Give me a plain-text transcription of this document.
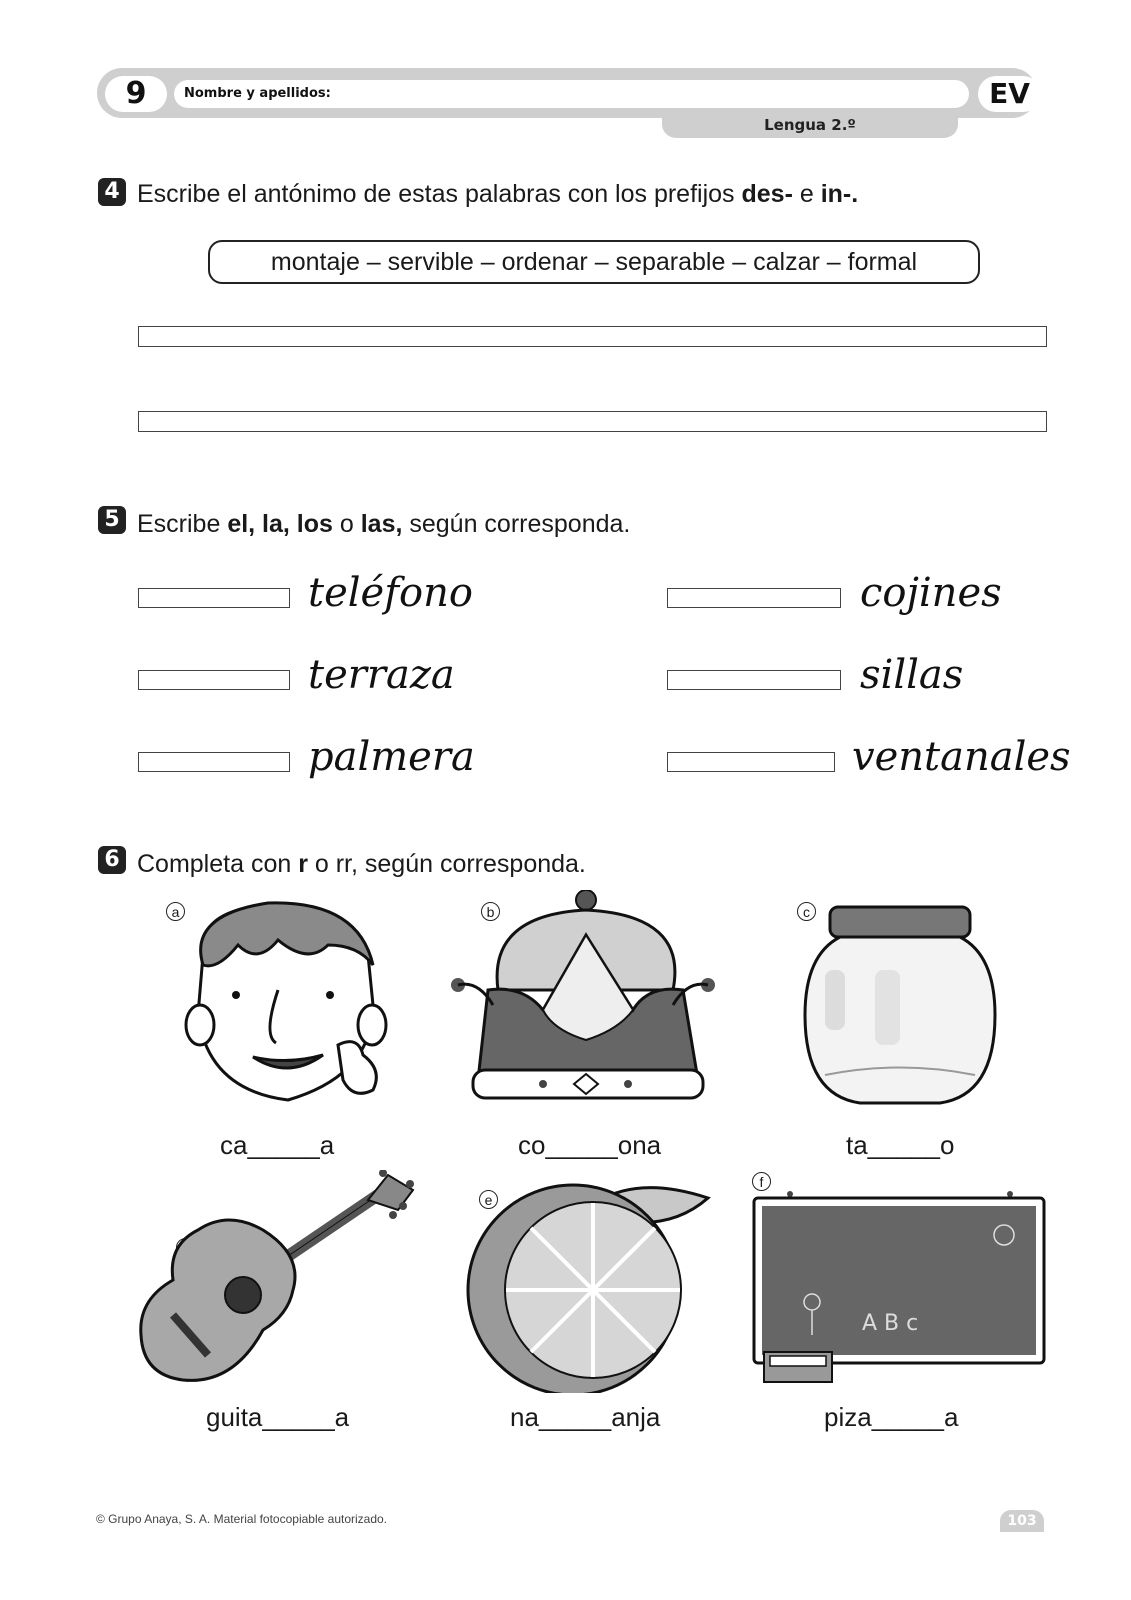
9	Nombre y apellidos:	EV
Lengua 2.º
4 Escribe el antónimo de estas palabras con los prefijos des- e in-.
montaje – servible – ordenar – separable – calzar – formal
5 Escribe el, la, los o las, según corresponda.
teléfono
terraza
palmera
cojines
sillas
ventanales
6 Completa con r o rr, según corresponda.
a
ca_____a
b
co_____ona
c
ta_____o
guita_____a
e
na_____anja
f
A B c
piza_____a
© Grupo Anaya, S. A. Material fotocopiable autorizado.	103
